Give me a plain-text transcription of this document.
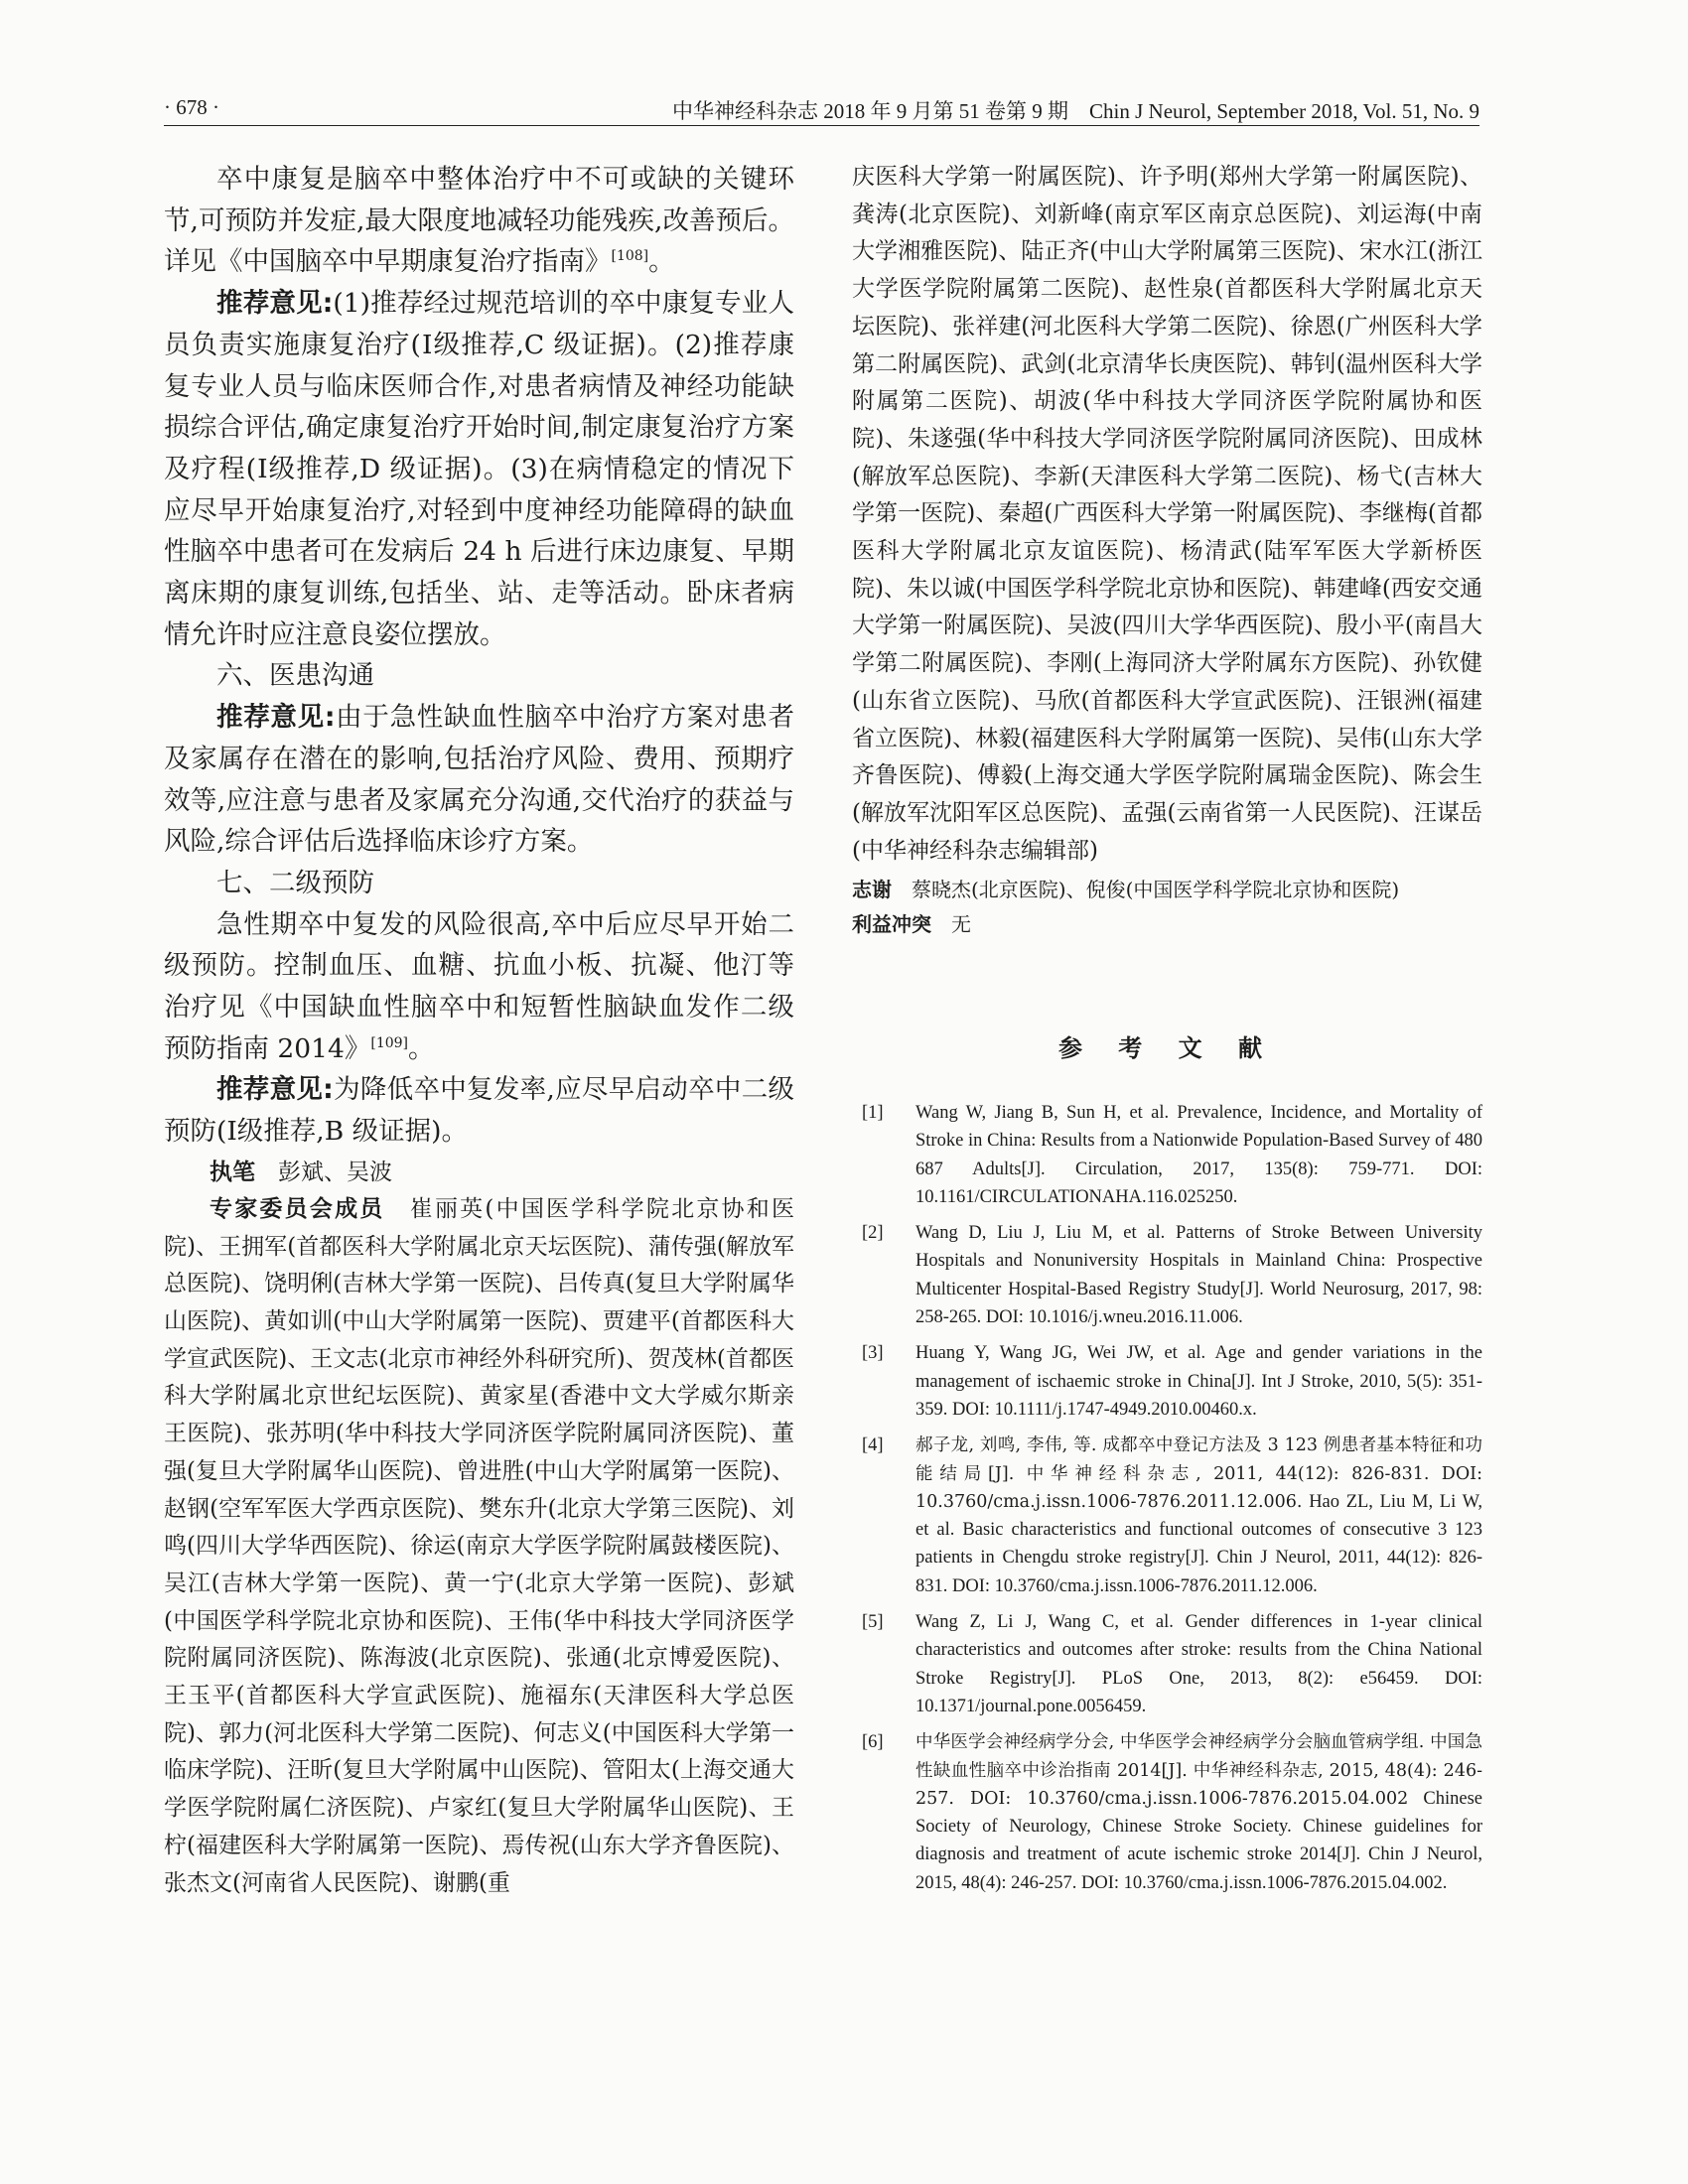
· 678 ·	中华神经科杂志 2018 年 9 月第 51 卷第 9 期　Chin J Neurol, September 2018, Vol. 51, No. 9

卒中康复是脑卒中整体治疗中不可或缺的关键环节,可预防并发症,最大限度地减轻功能残疾,改善预后。详见《中国脑卒中早期康复治疗指南》[108]。

推荐意见:(1)推荐经过规范培训的卒中康复专业人员负责实施康复治疗(Ⅰ级推荐,C 级证据)。(2)推荐康复专业人员与临床医师合作,对患者病情及神经功能缺损综合评估,确定康复治疗开始时间,制定康复治疗方案及疗程(Ⅰ级推荐,D 级证据)。(3)在病情稳定的情况下应尽早开始康复治疗,对轻到中度神经功能障碍的缺血性脑卒中患者可在发病后 24 h 后进行床边康复、早期离床期的康复训练,包括坐、站、走等活动。卧床者病情允许时应注意良姿位摆放。

六、医患沟通

推荐意见:由于急性缺血性脑卒中治疗方案对患者及家属存在潜在的影响,包括治疗风险、费用、预期疗效等,应注意与患者及家属充分沟通,交代治疗的获益与风险,综合评估后选择临床诊疗方案。

七、二级预防

急性期卒中复发的风险很高,卒中后应尽早开始二级预防。控制血压、血糖、抗血小板、抗凝、他汀等治疗见《中国缺血性脑卒中和短暂性脑缺血发作二级预防指南 2014》[109]。

推荐意见:为降低卒中复发率,应尽早启动卒中二级预防(Ⅰ级推荐,B 级证据)。

执笔　 彭斌、吴波

专家委员会成员　 崔丽英(中国医学科学院北京协和医院)、王拥军(首都医科大学附属北京天坛医院)、蒲传强(解放军总医院)、饶明俐(吉林大学第一医院)、吕传真(复旦大学附属华山医院)、黄如训(中山大学附属第一医院)、贾建平(首都医科大学宣武医院)、王文志(北京市神经外科研究所)、贺茂林(首都医科大学附属北京世纪坛医院)、黄家星(香港中文大学威尔斯亲王医院)、张苏明(华中科技大学同济医学院附属同济医院)、董强(复旦大学附属华山医院)、曾进胜(中山大学附属第一医院)、赵钢(空军军医大学西京医院)、樊东升(北京大学第三医院)、刘鸣(四川大学华西医院)、徐运(南京大学医学院附属鼓楼医院)、吴江(吉林大学第一医院)、黄一宁(北京大学第一医院)、彭斌(中国医学科学院北京协和医院)、王伟(华中科技大学同济医学院附属同济医院)、陈海波(北京医院)、张通(北京博爱医院)、王玉平(首都医科大学宣武医院)、施福东(天津医科大学总医院)、郭力(河北医科大学第二医院)、何志义(中国医科大学第一临床学院)、汪昕(复旦大学附属中山医院)、管阳太(上海交通大学医学院附属仁济医院)、卢家红(复旦大学附属华山医院)、王柠(福建医科大学附属第一医院)、焉传祝(山东大学齐鲁医院)、张杰文(河南省人民医院)、谢鹏(重

庆医科大学第一附属医院)、许予明(郑州大学第一附属医院)、龚涛(北京医院)、刘新峰(南京军区南京总医院)、刘运海(中南大学湘雅医院)、陆正齐(中山大学附属第三医院)、宋水江(浙江大学医学院附属第二医院)、赵性泉(首都医科大学附属北京天坛医院)、张祥建(河北医科大学第二医院)、徐恩(广州医科大学第二附属医院)、武剑(北京清华长庚医院)、韩钊(温州医科大学附属第二医院)、胡波(华中科技大学同济医学院附属协和医院)、朱遂强(华中科技大学同济医学院附属同济医院)、田成林(解放军总医院)、李新(天津医科大学第二医院)、杨弋(吉林大学第一医院)、秦超(广西医科大学第一附属医院)、李继梅(首都医科大学附属北京友谊医院)、杨清武(陆军军医大学新桥医院)、朱以诚(中国医学科学院北京协和医院)、韩建峰(西安交通大学第一附属医院)、吴波(四川大学华西医院)、殷小平(南昌大学第二附属医院)、李刚(上海同济大学附属东方医院)、孙钦健(山东省立医院)、马欣(首都医科大学宣武医院)、汪银洲(福建省立医院)、林毅(福建医科大学附属第一医院)、吴伟(山东大学齐鲁医院)、傅毅(上海交通大学医学院附属瑞金医院)、陈会生(解放军沈阳军区总医院)、孟强(云南省第一人民医院)、汪谋岳(中华神经科杂志编辑部)

志谢　 蔡晓杰(北京医院)、倪俊(中国医学科学院北京协和医院)

利益冲突　 无

参 考 文 献

[1] Wang W, Jiang B, Sun H, et al. Prevalence, Incidence, and Mortality of Stroke in China: Results from a Nationwide Population-Based Survey of 480 687 Adults[J]. Circulation, 2017, 135(8): 759-771. DOI: 10.1161/CIRCULATIONAHA.116.025250.
[2] Wang D, Liu J, Liu M, et al. Patterns of Stroke Between University Hospitals and Nonuniversity Hospitals in Mainland China: Prospective Multicenter Hospital-Based Registry Study[J]. World Neurosurg, 2017, 98: 258-265. DOI: 10.1016/j.wneu.2016.11.006.
[3] Huang Y, Wang JG, Wei JW, et al. Age and gender variations in the management of ischaemic stroke in China[J]. Int J Stroke, 2010, 5(5): 351-359. DOI: 10.1111/j.1747-4949.2010.00460.x.
[4] 郝子龙, 刘鸣, 李伟, 等. 成都卒中登记方法及 3 123 例患者基本特征和功能结局[J]. 中华神经科杂志, 2011, 44(12): 826-831. DOI: 10.3760/cma.j.issn.1006-7876.2011.12.006. Hao ZL, Liu M, Li W, et al. Basic characteristics and functional outcomes of consecutive 3 123 patients in Chengdu stroke registry[J]. Chin J Neurol, 2011, 44(12): 826-831. DOI: 10.3760/cma.j.issn.1006-7876.2011.12.006.
[5] Wang Z, Li J, Wang C, et al. Gender differences in 1-year clinical characteristics and outcomes after stroke: results from the China National Stroke Registry[J]. PLoS One, 2013, 8(2): e56459. DOI: 10.1371/journal.pone.0056459.
[6] 中华医学会神经病学分会, 中华医学会神经病学分会脑血管病学组. 中国急性缺血性脑卒中诊治指南 2014[J]. 中华神经科杂志, 2015, 48(4): 246-257. DOI: 10.3760/cma.j.issn.1006-7876.2015.04.002 Chinese Society of Neurology, Chinese Stroke Society. Chinese guidelines for diagnosis and treatment of acute ischemic stroke 2014[J]. Chin J Neurol, 2015, 48(4): 246-257. DOI: 10.3760/cma.j.issn.1006-7876.2015.04.002.
